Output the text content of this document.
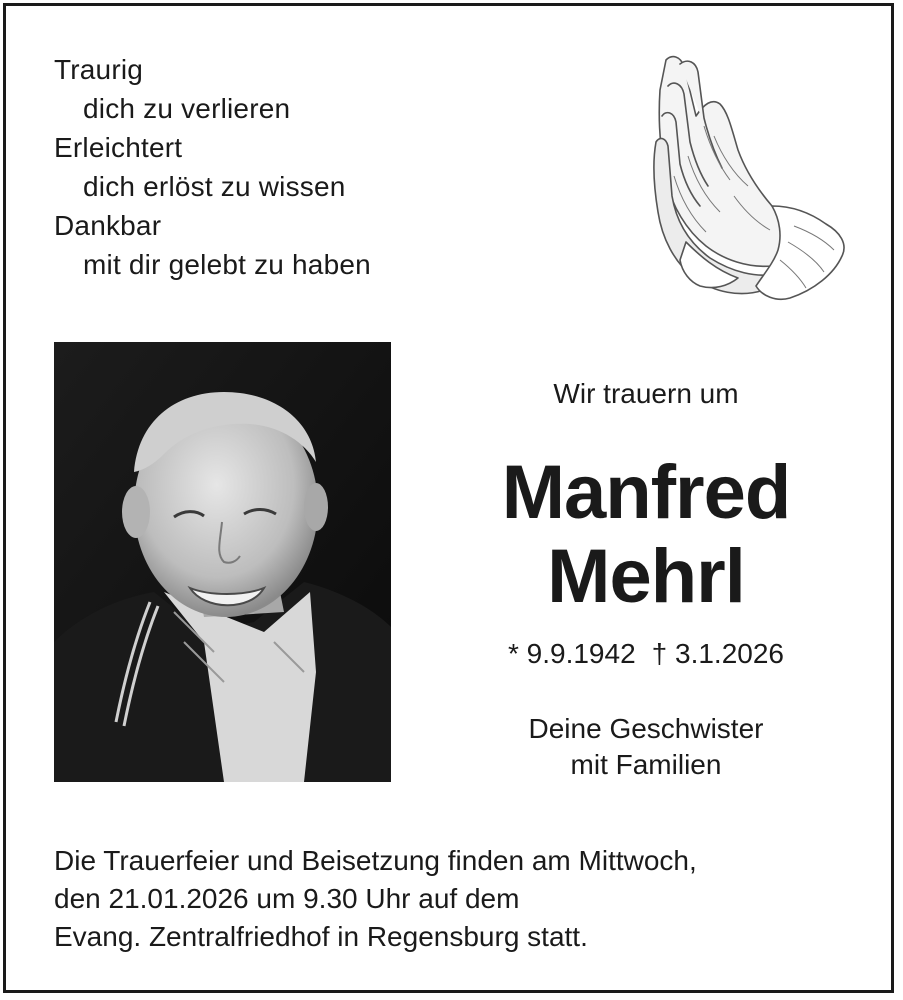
Traurig
dich zu verlieren
Erleichtert
dich erlöst zu wissen
Dankbar
mit dir gelebt zu haben
Wir trauern um
Manfred
Mehrl
* 9.9.1942 † 3.1.2026
Deine Geschwister
mit Familien
Die Trauerfeier und Beisetzung finden am Mittwoch,
den 21.01.2026 um 9.30 Uhr auf dem
Evang. Zentralfriedhof in Regensburg statt.
